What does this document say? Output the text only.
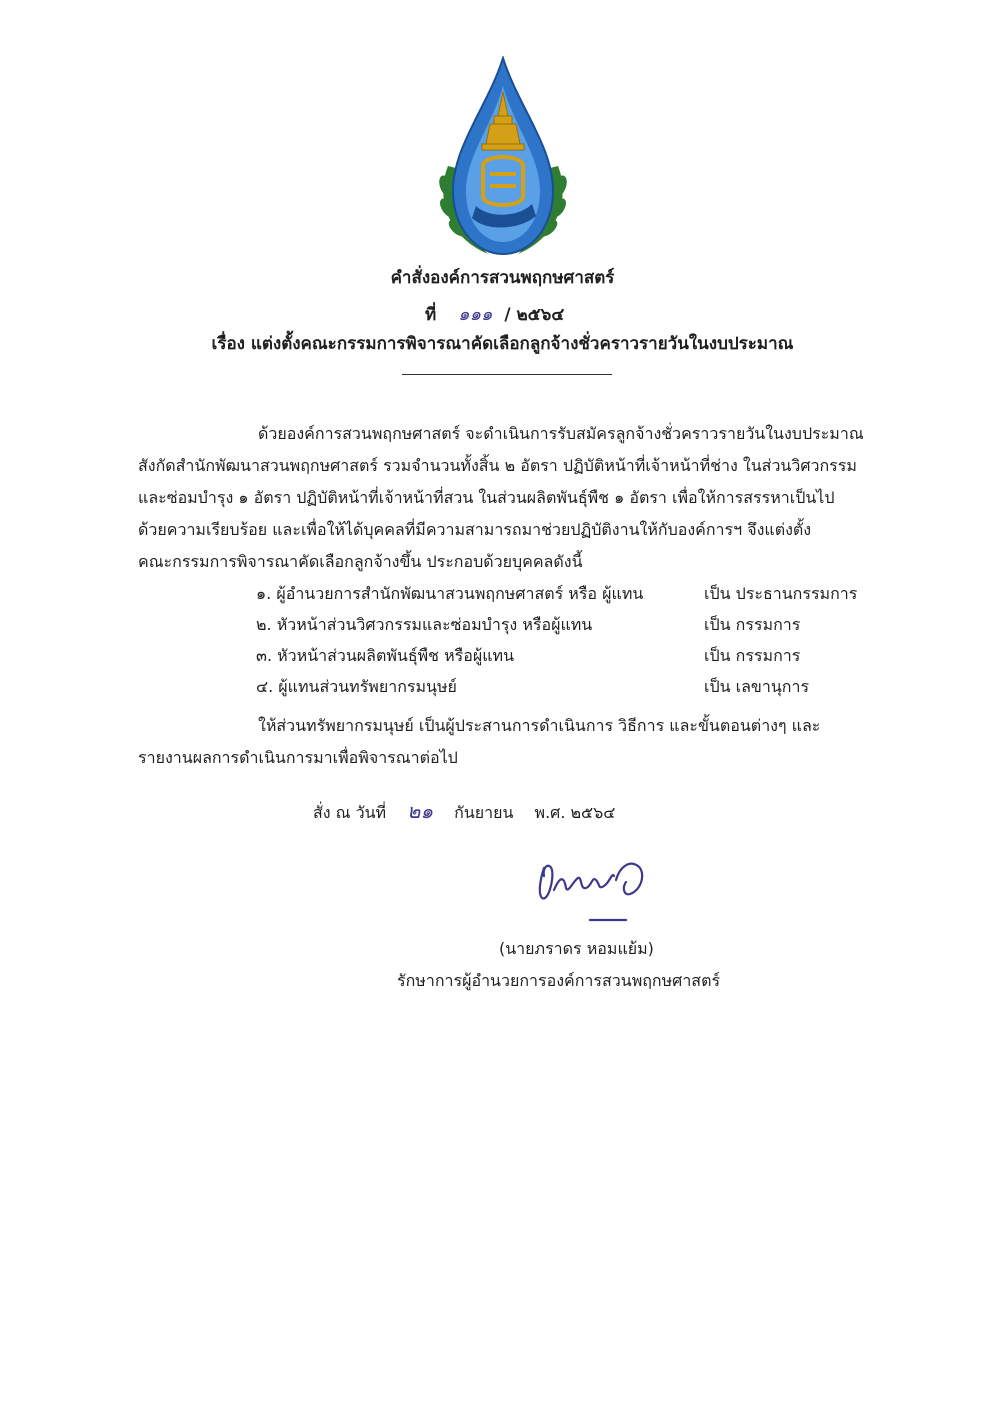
คำสั่งองค์การสวนพฤกษศาสตร์
ที่ ๑๑๑ / ๒๕๖๔
เรื่อง แต่งตั้งคณะกรรมการพิจารณาคัดเลือกลูกจ้างชั่วคราวรายวันในงบประมาณ
ด้วยองค์การสวนพฤกษศาสตร์ จะดำเนินการรับสมัครลูกจ้างชั่วคราวรายวันในงบประมาณ
สังกัดสำนักพัฒนาสวนพฤกษศาสตร์ รวมจำนวนทั้งสิ้น ๒ อัตรา ปฏิบัติหน้าที่เจ้าหน้าที่ช่าง ในส่วนวิศวกรรม
และซ่อมบำรุง ๑ อัตรา ปฏิบัติหน้าที่เจ้าหน้าที่สวน ในส่วนผลิตพันธุ์พืช ๑ อัตรา เพื่อให้การสรรหาเป็นไป
ด้วยความเรียบร้อย และเพื่อให้ได้บุคคลที่มีความสามารถมาช่วยปฏิบัติงานให้กับองค์การฯ จึงแต่งตั้ง
คณะกรรมการพิจารณาคัดเลือกลูกจ้างขึ้น ประกอบด้วยบุคคลดังนี้
๑. ผู้อำนวยการสำนักพัฒนาสวนพฤกษศาสตร์ หรือ ผู้แทน	เป็น ประธานกรรมการ
๒. หัวหน้าส่วนวิศวกรรมและซ่อมบำรุง หรือผู้แทน	เป็น กรรมการ
๓. หัวหน้าส่วนผลิตพันธุ์พืช หรือผู้แทน	เป็น กรรมการ
๔. ผู้แทนส่วนทรัพยากรมนุษย์	เป็น เลขานุการ
ให้ส่วนทรัพยากรมนุษย์ เป็นผู้ประสานการดำเนินการ วิธีการ และขั้นตอนต่างๆ และ
รายงานผลการดำเนินการมาเพื่อพิจารณาต่อไป
สั่ง ณ วันที่ ๒๑ กันยายน พ.ศ. ๒๕๖๔
(นายภราดร หอมแย้ม)
รักษาการผู้อำนวยการองค์การสวนพฤกษศาสตร์
